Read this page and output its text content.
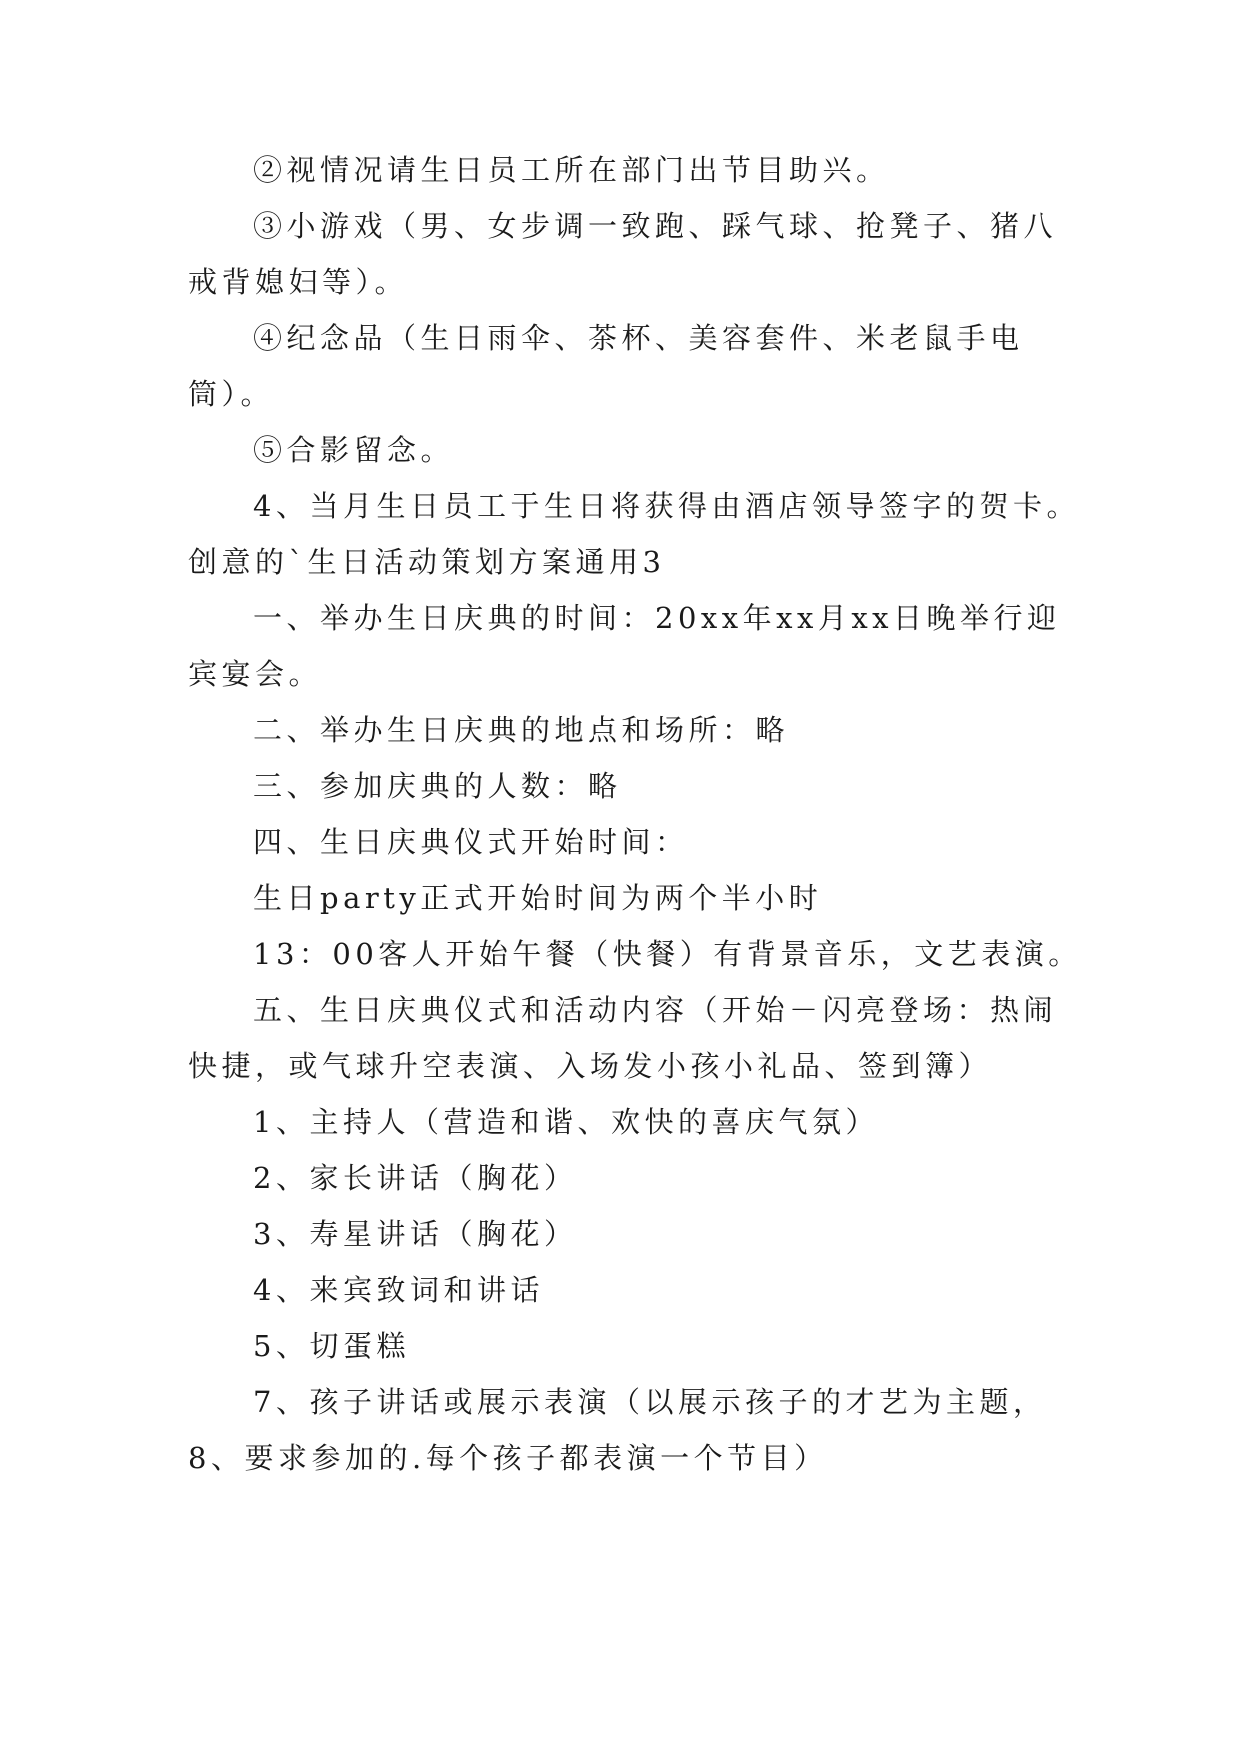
②视情况请生日员工所在部门出节目助兴。
③小游戏（男、女步调一致跑、踩气球、抢凳子、猪八
戒背媳妇等）。
④纪念品（生日雨伞、茶杯、美容套件、米老鼠手电
筒）。
⑤合影留念。
4、当月生日员工于生日将获得由酒店领导签字的贺卡。
创意的`生日活动策划方案通用3
一、举办生日庆典的时间：20xx年xx月xx日晚举行迎
宾宴会。
二、举办生日庆典的地点和场所：略
三、参加庆典的人数：略
四、生日庆典仪式开始时间：
生日party正式开始时间为两个半小时
13：00客人开始午餐（快餐）有背景音乐，文艺表演。
五、生日庆典仪式和活动内容（开始－闪亮登场：热闹
快捷，或气球升空表演、入场发小孩小礼品、签到簿）
1、主持人（营造和谐、欢快的喜庆气氛）
2、家长讲话（胸花）
3、寿星讲话（胸花）
4、来宾致词和讲话
5、切蛋糕
7、孩子讲话或展示表演（以展示孩子的才艺为主题，
8、要求参加的.每个孩子都表演一个节目）
